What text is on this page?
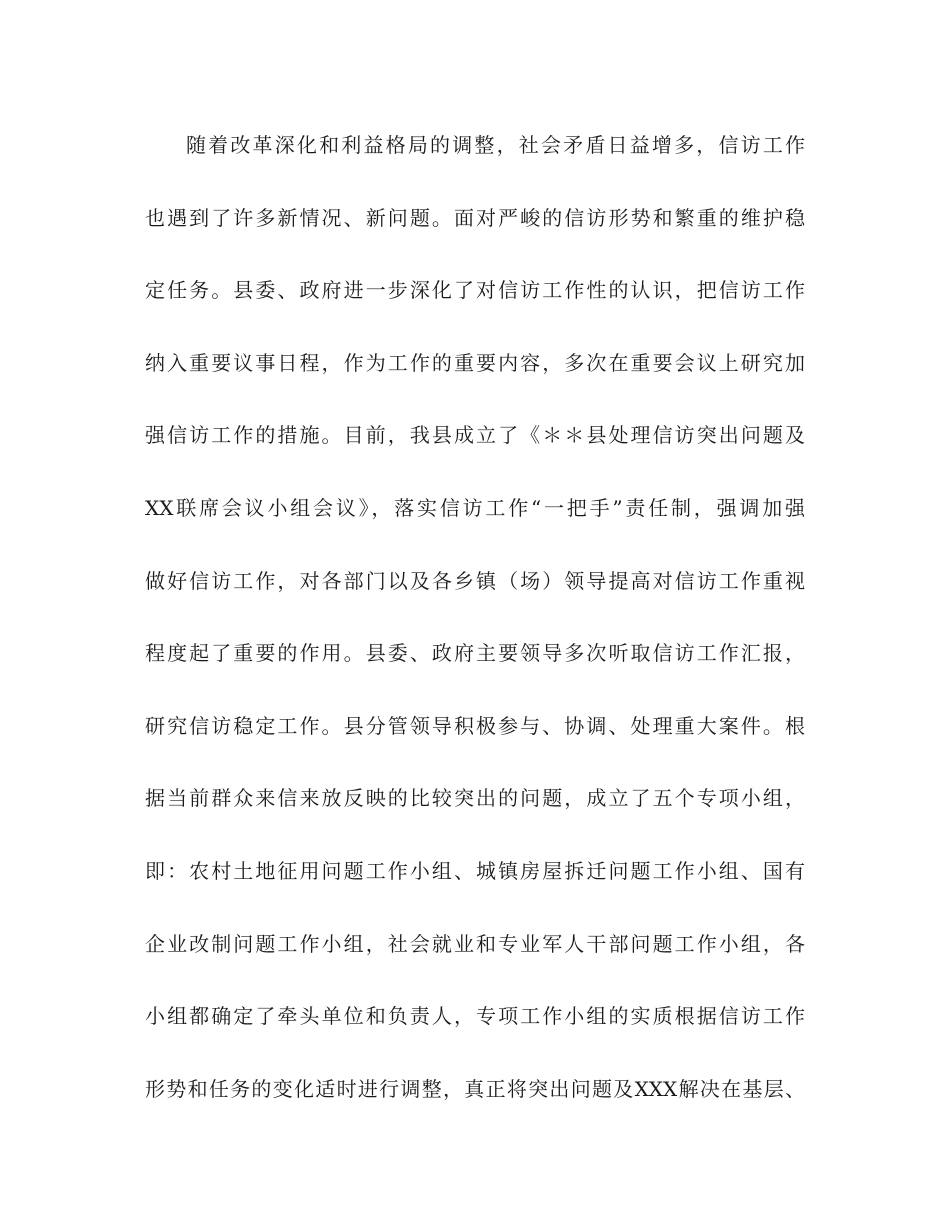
随着改革深化和利益格局的调整，社会矛盾日益增多，信访工作
也遇到了许多新情况、新问题。面对严峻的信访形势和繁重的维护稳
定任务。县委、政府进一步深化了对信访工作性的认识，把信访工作
纳入重要议事日程，作为工作的重要内容，多次在重要会议上研究加
强信访工作的措施。目前，我县成立了《＊＊县处理信访突出问题及
XX联席会议小组会议》，落实信访工作“一把手”责任制，强调加强
做好信访工作，对各部门以及各乡镇（场）领导提高对信访工作重视
程度起了重要的作用。县委、政府主要领导多次听取信访工作汇报，
研究信访稳定工作。县分管领导积极参与、协调、处理重大案件。根
据当前群众来信来放反映的比较突出的问题，成立了五个专项小组，
即：农村土地征用问题工作小组、城镇房屋拆迁问题工作小组、国有
企业改制问题工作小组，社会就业和专业军人干部问题工作小组，各
小组都确定了牵头单位和负责人，专项工作小组的实质根据信访工作
形势和任务的变化适时进行调整，真正将突出问题及XXX解决在基层、
